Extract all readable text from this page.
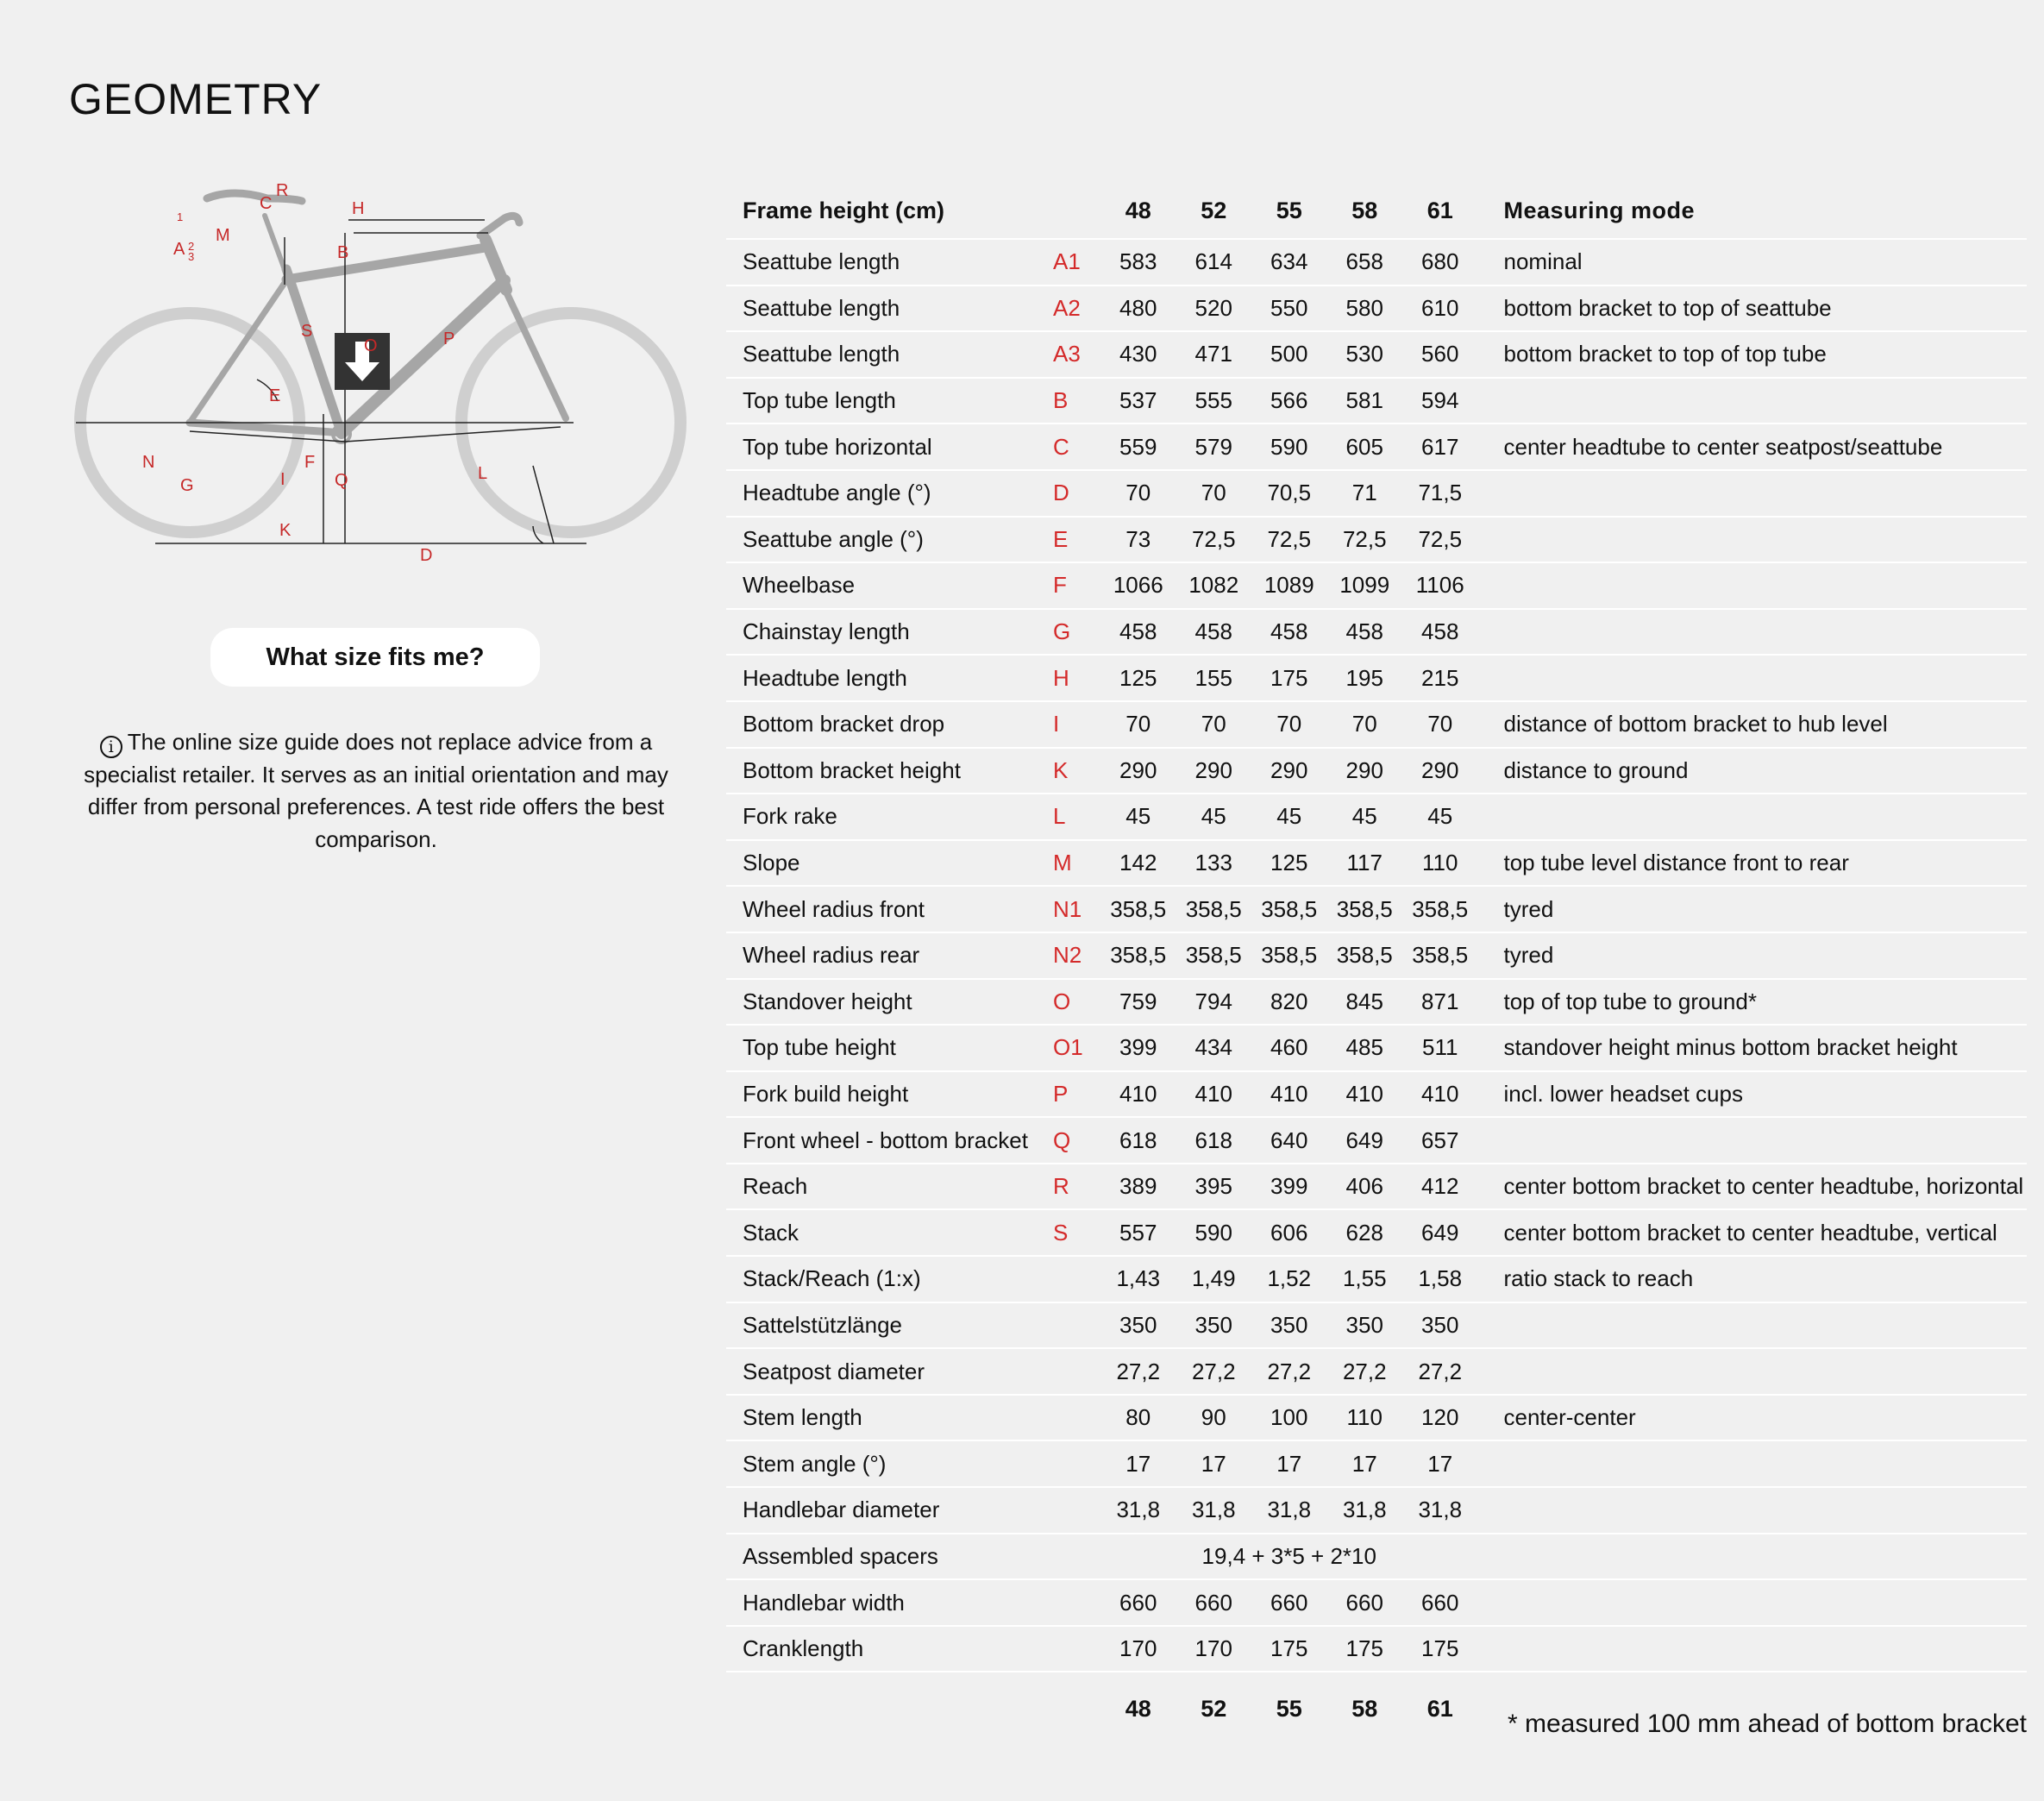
GEOMETRY
R
C	H
1
M
A 2
3	B
S
O	P
E
N	F
L
G	Q
I
K
D
What size fits me?
i The online size guide does not replace advice from a specialist retailer. It serves as an initial orientation and may differ from personal preferences. A test ride offers the best comparison.
Frame height (cm)		48	52	55	58	61	Measuring mode
Seattube length	A1	583	614	634	658	680	nominal
Seattube length	A2	480	520	550	580	610	bottom bracket to top of seattube
Seattube length	A3	430	471	500	530	560	bottom bracket to top of top tube
Top tube length	B	537	555	566	581	594	
Top tube horizontal	C	559	579	590	605	617	center headtube to center seatpost/seattube
Headtube angle (°)	D	70	70	70,5	71	71,5	
Seattube angle (°)	E	73	72,5	72,5	72,5	72,5	
Wheelbase	F	1066	1082	1089	1099	1106	
Chainstay length	G	458	458	458	458	458	
Headtube length	H	125	155	175	195	215	
Bottom bracket drop	I	70	70	70	70	70	distance of bottom bracket to hub level
Bottom bracket height	K	290	290	290	290	290	distance to ground
Fork rake	L	45	45	45	45	45	
Slope	M	142	133	125	117	110	top tube level distance front to rear
Wheel radius front	N1	358,5	358,5	358,5	358,5	358,5	tyred
Wheel radius rear	N2	358,5	358,5	358,5	358,5	358,5	tyred
Standover height	O	759	794	820	845	871	top of top tube to ground*
Top tube height	O1	399	434	460	485	511	standover height minus bottom bracket height
Fork build height	P	410	410	410	410	410	incl. lower headset cups
Front wheel - bottom bracket	Q	618	618	640	649	657	
Reach	R	389	395	399	406	412	center bottom bracket to center headtube, horizontal
Stack	S	557	590	606	628	649	center bottom bracket to center headtube, vertical
Stack/Reach (1:x)		1,43	1,49	1,52	1,55	1,58	ratio stack to reach
Sattelstützlänge		350	350	350	350	350	
Seatpost diameter		27,2	27,2	27,2	27,2	27,2	
Stem length		80	90	100	110	120	center-center
Stem angle (°)		17	17	17	17	17	
Handlebar diameter		31,8	31,8	31,8	31,8	31,8	
Assembled spacers		19,4 + 3*5 + 2*10					
Handlebar width		660	660	660	660	660	
Cranklength		170	170	175	175	175	
		48	52	55	58	61	
* measured 100 mm ahead of bottom bracket
